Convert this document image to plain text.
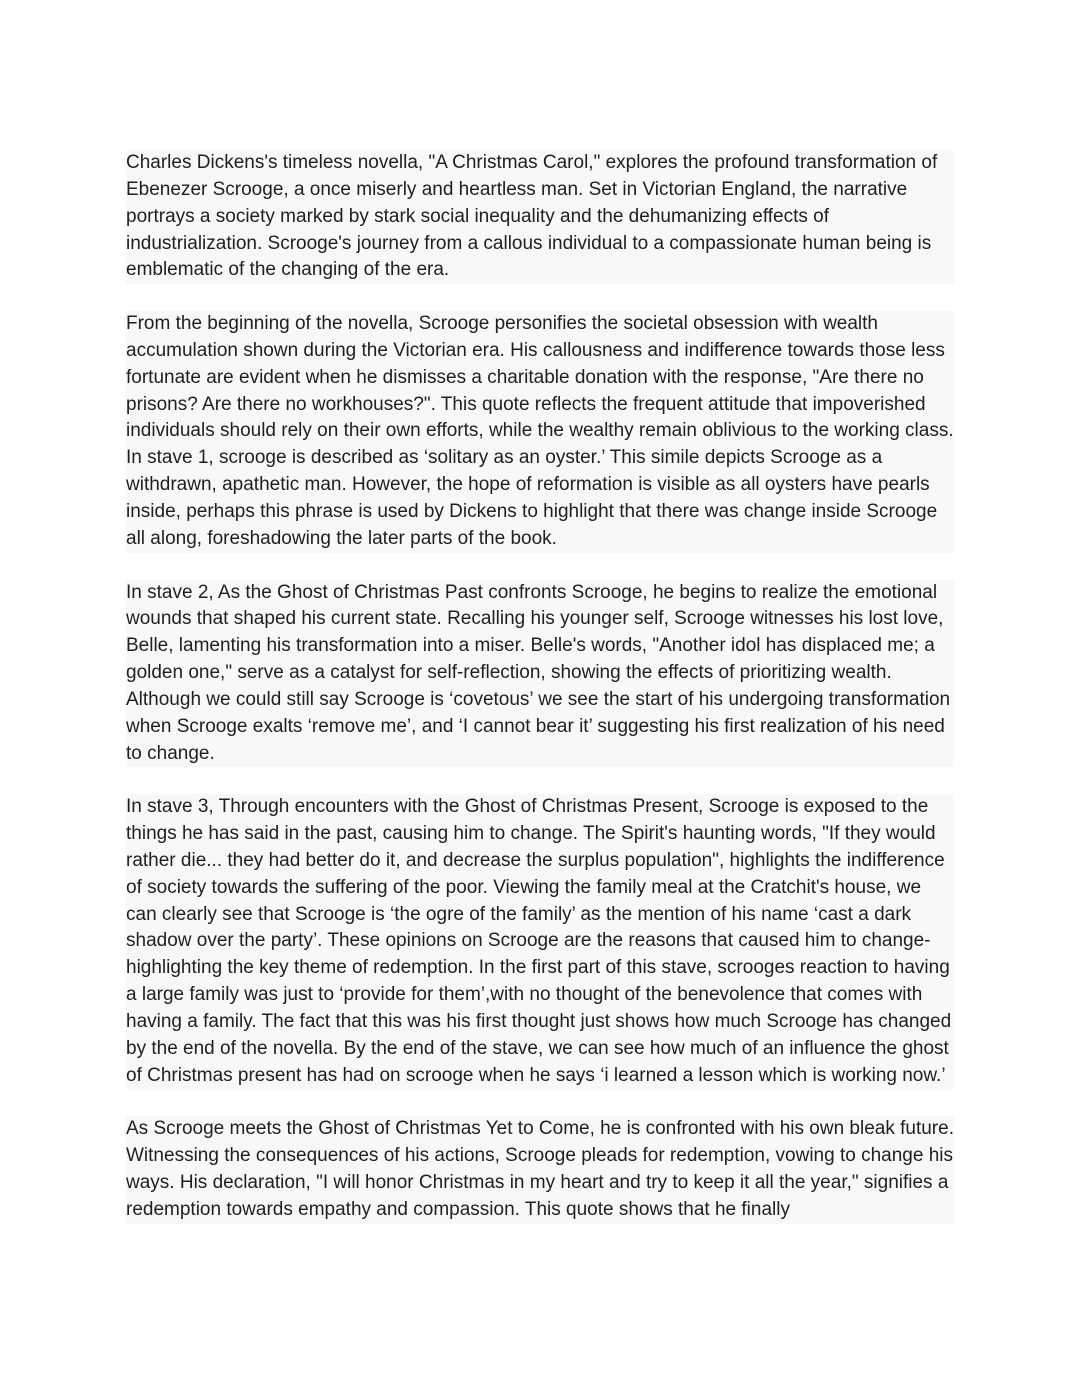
Charles Dickens's timeless novella, "A Christmas Carol," explores the profound transformation of Ebenezer Scrooge, a once miserly and heartless man. Set in Victorian England, the narrative portrays a society marked by stark social inequality and the dehumanizing effects of industrialization. Scrooge's journey from a callous individual to a compassionate human being is emblematic of the changing of the era.

From the beginning of the novella, Scrooge personifies the societal obsession with wealth accumulation shown during the Victorian era. His callousness and indifference towards those less fortunate are evident when he dismisses a charitable donation with the response, "Are there no prisons? Are there no workhouses?". This quote reflects the frequent attitude that impoverished individuals should rely on their own efforts, while the wealthy remain oblivious to the working class. In stave 1, scrooge is described as ‘solitary as an oyster.’ This simile depicts Scrooge as a withdrawn, apathetic man. However, the hope of reformation is visible as all oysters have pearls inside, perhaps this phrase is used by Dickens to highlight that there was change inside Scrooge all along, foreshadowing the later parts of the book.

In stave 2, As the Ghost of Christmas Past confronts Scrooge, he begins to realize the emotional wounds that shaped his current state. Recalling his younger self, Scrooge witnesses his lost love, Belle, lamenting his transformation into a miser. Belle's words, "Another idol has displaced me; a golden one," serve as a catalyst for self-reflection, showing the effects of prioritizing wealth. Although we could still say Scrooge is ‘covetous’ we see the start of his undergoing transformation when Scrooge exalts ‘remove me’, and ‘I cannot bear it’ suggesting his first realization of his need to change.

In stave 3, Through encounters with the Ghost of Christmas Present, Scrooge is exposed to the things he has said in the past, causing him to change. The Spirit's haunting words, "If they would rather die... they had better do it, and decrease the surplus population", highlights the indifference of society towards the suffering of the poor. Viewing the family meal at the Cratchit's house, we can clearly see that Scrooge is ‘the ogre of the family’ as the mention of his name ‘cast a dark shadow over the party’. These opinions on Scrooge are the reasons that caused him to change-highlighting the key theme of redemption. In the first part of this stave, scrooges reaction to having a large family was just to ‘provide for them’,with no thought of the benevolence that comes with having a family. The fact that this was his first thought just shows how much Scrooge has changed by the end of the novella. By the end of the stave, we can see how much of an influence the ghost of Christmas present has had on scrooge when he says ‘i learned a lesson which is working now.’

As Scrooge meets the Ghost of Christmas Yet to Come, he is confronted with his own bleak future. Witnessing the consequences of his actions, Scrooge pleads for redemption, vowing to change his ways. His declaration, "I will honor Christmas in my heart and try to keep it all the year," signifies a redemption towards empathy and compassion. This quote shows that he finally
